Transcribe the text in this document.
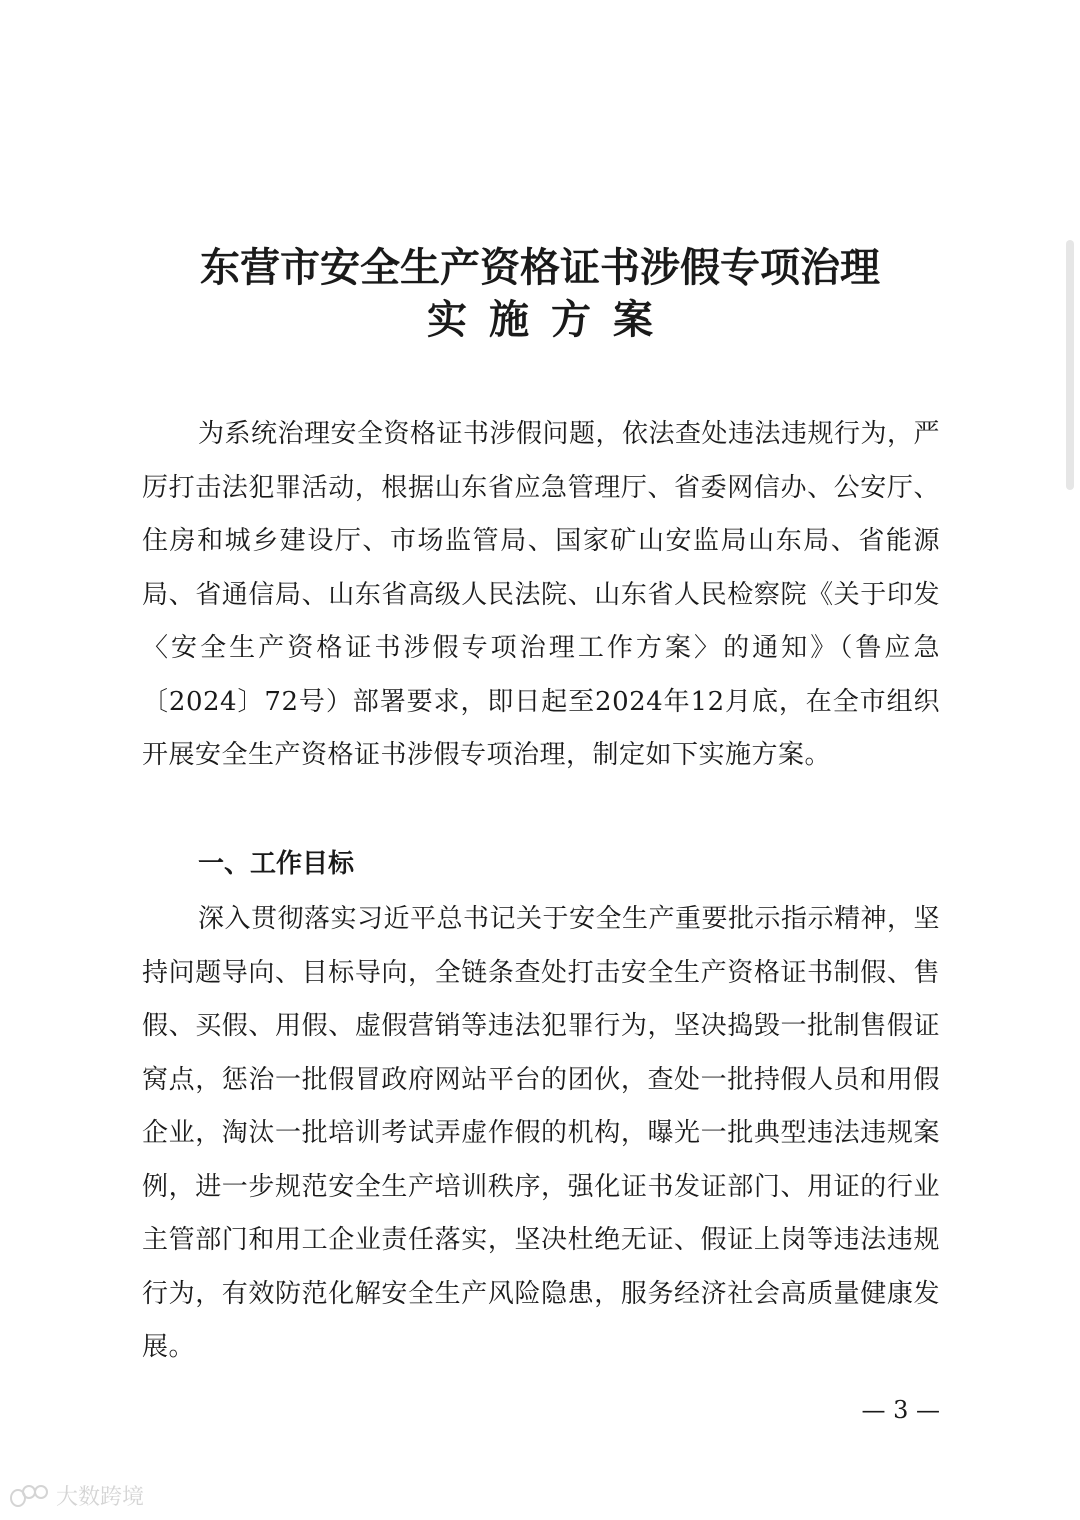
东营市安全生产资格证书涉假专项治理
实施方案

为系统治理安全资格证书涉假问题，依法查处违法违规行为，严厉打击法犯罪活动，根据山东省应急管理厅、省委网信办、公安厅、住房和城乡建设厅、市场监管局、国家矿山安监局山东局、省能源局、省通信局、山东省高级人民法院、山东省人民检察院《关于印发〈安全生产资格证书涉假专项治理工作方案〉的通知》（鲁应急〔2024〕72号）部署要求，即日起至2024年12月底，在全市组织开展安全生产资格证书涉假专项治理，制定如下实施方案。

一、工作目标

深入贯彻落实习近平总书记关于安全生产重要批示指示精神，坚持问题导向、目标导向，全链条查处打击安全生产资格证书制假、售假、买假、用假、虚假营销等违法犯罪行为，坚决捣毁一批制售假证窝点，惩治一批假冒政府网站平台的团伙，查处一批持假人员和用假企业，淘汰一批培训考试弄虚作假的机构，曝光一批典型违法违规案例，进一步规范安全生产培训秩序，强化证书发证部门、用证的行业主管部门和用工企业责任落实，坚决杜绝无证、假证上岗等违法违规行为，有效防范化解安全生产风险隐患，服务经济社会高质量健康发展。

— 3 —
大数跨境
